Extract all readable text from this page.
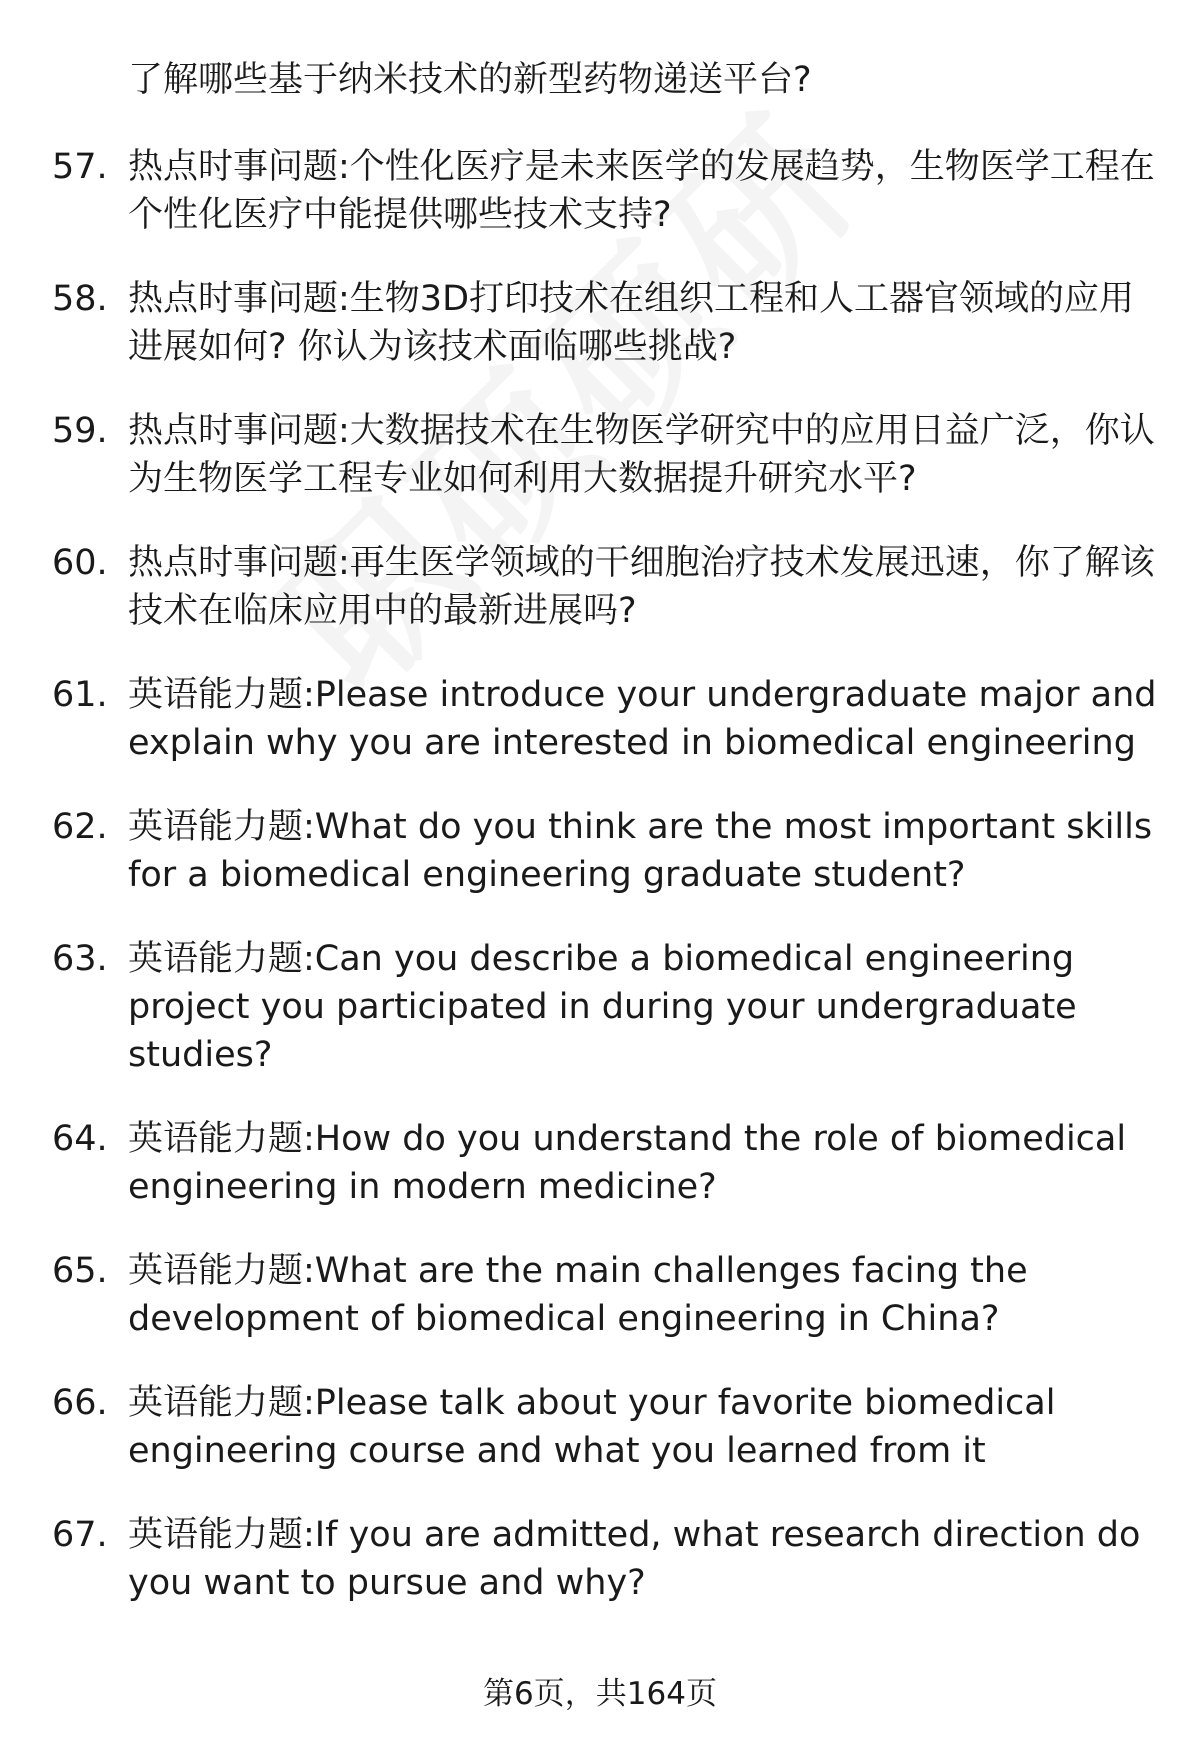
了解哪些基于纳米技术的新型药物递送平台?
57. 热点时事问题:个性化医疗是未来医学的发展趋势，生物医学工程在个性化医疗中能提供哪些技术支持?
58. 热点时事问题:生物3D打印技术在组织工程和人工器官领域的应用进展如何? 你认为该技术面临哪些挑战?
59. 热点时事问题:大数据技术在生物医学研究中的应用日益广泛，你认为生物医学工程专业如何利用大数据提升研究水平?
60. 热点时事问题:再生医学领域的干细胞治疗技术发展迅速，你了解该技术在临床应用中的最新进展吗?
61. 英语能力题:Please introduce your undergraduate major and explain why you are interested in biomedical engineering
62. 英语能力题:What do you think are the most important skills for a biomedical engineering graduate student?
63. 英语能力题:Can you describe a biomedical engineering project you participated in during your undergraduate studies?
64. 英语能力题:How do you understand the role of biomedical engineering in modern medicine?
65. 英语能力题:What are the main challenges facing the development of biomedical engineering in China?
66. 英语能力题:Please talk about your favorite biomedical engineering course and what you learned from it
67. 英语能力题:If you are admitted, what research direction do you want to pursue and why?
第6页，共164页
